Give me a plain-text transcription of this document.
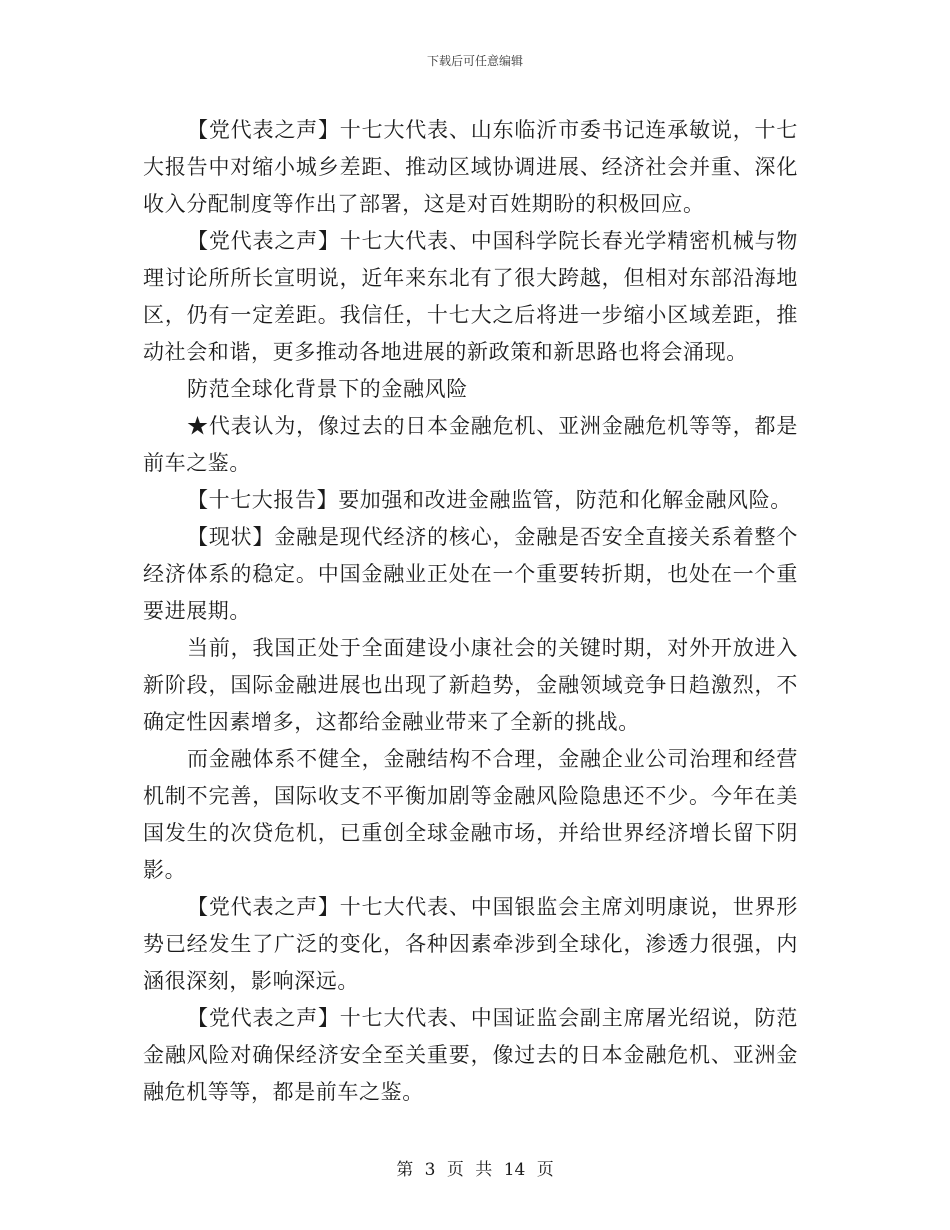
下载后可任意编辑

【党代表之声】十七大代表、山东临沂市委书记连承敏说，十七大报告中对缩小城乡差距、推动区域协调进展、经济社会并重、深化收入分配制度等作出了部署，这是对百姓期盼的积极回应。

【党代表之声】十七大代表、中国科学院长春光学精密机械与物理讨论所所长宣明说，近年来东北有了很大跨越，但相对东部沿海地区，仍有一定差距。我信任，十七大之后将进一步缩小区域差距，推动社会和谐，更多推动各地进展的新政策和新思路也将会涌现。

防范全球化背景下的金融风险

★代表认为，像过去的日本金融危机、亚洲金融危机等等，都是前车之鉴。

【十七大报告】要加强和改进金融监管，防范和化解金融风险。

【现状】金融是现代经济的核心，金融是否安全直接关系着整个经济体系的稳定。中国金融业正处在一个重要转折期，也处在一个重要进展期。

当前，我国正处于全面建设小康社会的关键时期，对外开放进入新阶段，国际金融进展也出现了新趋势，金融领域竞争日趋激烈，不确定性因素增多，这都给金融业带来了全新的挑战。

而金融体系不健全，金融结构不合理，金融企业公司治理和经营机制不完善，国际收支不平衡加剧等金融风险隐患还不少。今年在美国发生的次贷危机，已重创全球金融市场，并给世界经济增长留下阴影。

【党代表之声】十七大代表、中国银监会主席刘明康说，世界形势已经发生了广泛的变化，各种因素牵涉到全球化，渗透力很强，内涵很深刻，影响深远。

【党代表之声】十七大代表、中国证监会副主席屠光绍说，防范金融风险对确保经济安全至关重要，像过去的日本金融危机、亚洲金融危机等等，都是前车之鉴。

第 3 页 共 14 页
